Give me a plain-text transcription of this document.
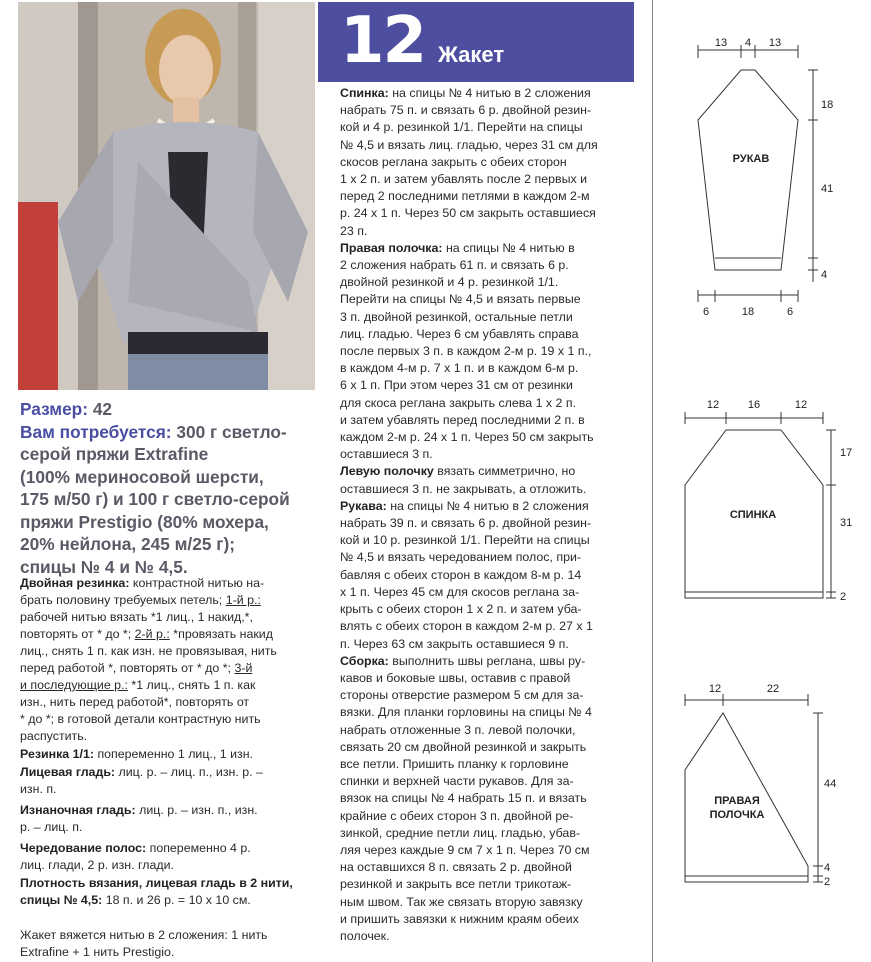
12 Жакет
Размер: 42
Вам потребуется: 300 г светло-
серой пряжи Extrafine
(100% мериносовой шерсти,
175 м/50 г) и 100 г светло-серой
пряжи Prestigio (80% мохера,
20% нейлона, 245 м/25 г);
спицы № 4 и № 4,5.

Двойная резинка: контрастной нитью на-
брать половину требуемых петель; 1-й р.:
рабочей нитью вязать *1 лиц., 1 накид,*,
повторять от * до *; 2-й р.: *провязать накид
лиц., снять 1 п. как изн. не провязывая, нить
перед работой *, повторять от * до *; 3-й
и последующие р.: *1 лиц., снять 1 п. как
изн., нить перед работой*, повторять от
* до *; в готовой детали контрастную нить
распустить.

Резинка 1/1: попеременно 1 лиц., 1 изн.

Лицевая гладь: лиц. р. – лиц. п., изн. р. –
изн. п.

Изнаночная гладь: лиц. р. – изн. п., изн.
р. – лиц. п.

Чередование полос: попеременно 4 р.
лиц. глади, 2 р. изн. глади.

Плотность вязания, лицевая гладь в 2 нити,
спицы № 4,5: 18 п. и 26 р. = 10 х 10 см.

Жакет вяжется нитью в 2 сложения: 1 нить
Extrafine + 1 нить Prestigio.

Спинка: на спицы № 4 нитью в 2 сложения
набрать 75 п. и связать 6 р. двойной резин-
кой и 4 р. резинкой 1/1. Перейти на спицы
№ 4,5 и вязать лиц. гладью, через 31 см для
скосов реглана закрыть с обеих сторон
1 х 2 п. и затем убавлять после 2 первых и
перед 2 последними петлями в каждом 2-м
р. 24 х 1 п. Через 50 см закрыть оставшиеся
23 п.

Правая полочка: на спицы № 4 нитью в
2 сложения набрать 61 п. и связать 6 р.
двойной резинкой и 4 р. резинкой 1/1.
Перейти на спицы № 4,5 и вязать первые
3 п. двойной резинкой, остальные петли
лиц. гладью. Через 6 см убавлять справа
после первых 3 п. в каждом 2-м р. 19 х 1 п.,
в каждом 4-м р. 7 х 1 п. и в каждом 6-м р.
6 х 1 п. При этом через 31 см от резинки
для скоса реглана закрыть слева 1 х 2 п.
и затем убавлять перед последними 2 п. в
каждом 2-м р. 24 х 1 п. Через 50 см закрыть
оставшиеся 3 п.

Левую полочку вязать симметрично, но
оставшиеся 3 п. не закрывать, а отложить.

Рукава: на спицы № 4 нитью в 2 сложения
набрать 39 п. и связать 6 р. двойной резин-
кой и 10 р. резинкой 1/1. Перейти на спицы
№ 4,5 и вязать чередованием полос, при-
бавляя с обеих сторон в каждом 8-м р. 14
х 1 п. Через 45 см для скосов реглана за-
крыть с обеих сторон 1 х 2 п. и затем уба-
влять с обеих сторон в каждом 2-м р. 27 х 1
п. Через 63 см закрыть оставшиеся 9 п.

Сборка: выполнить швы реглана, швы ру-
кавов и боковые швы, оставив с правой
стороны отверстие размером 5 см для за-
вязки. Для планки горловины на спицы № 4
набрать отложенные 3 п. левой полочки,
связать 20 см двойной резинкой и закрыть
все петли. Пришить планку к горловине
спинки и верхней части рукавов. Для за-
вязок на спицы № 4 набрать 15 п. и вязать
крайние с обеих сторон 3 п. двойной ре-
зинкой, средние петли лиц. гладью, убав-
ляя через каждые 9 см 7 х 1 п. Через 70 см
на оставшихся 8 п. связать 2 р. двойной
резинкой и закрыть все петли трикотаж-
ным швом. Так же связать вторую завязку
и пришить завязки к нижним краям обеих
полочек.

13 4 13
18
41
4
6	18	6
РУКАВ
12	16	12
17
31
2
СПИНКА
12	22
44
4
2
ПРАВАЯ
ПОЛОЧКА
